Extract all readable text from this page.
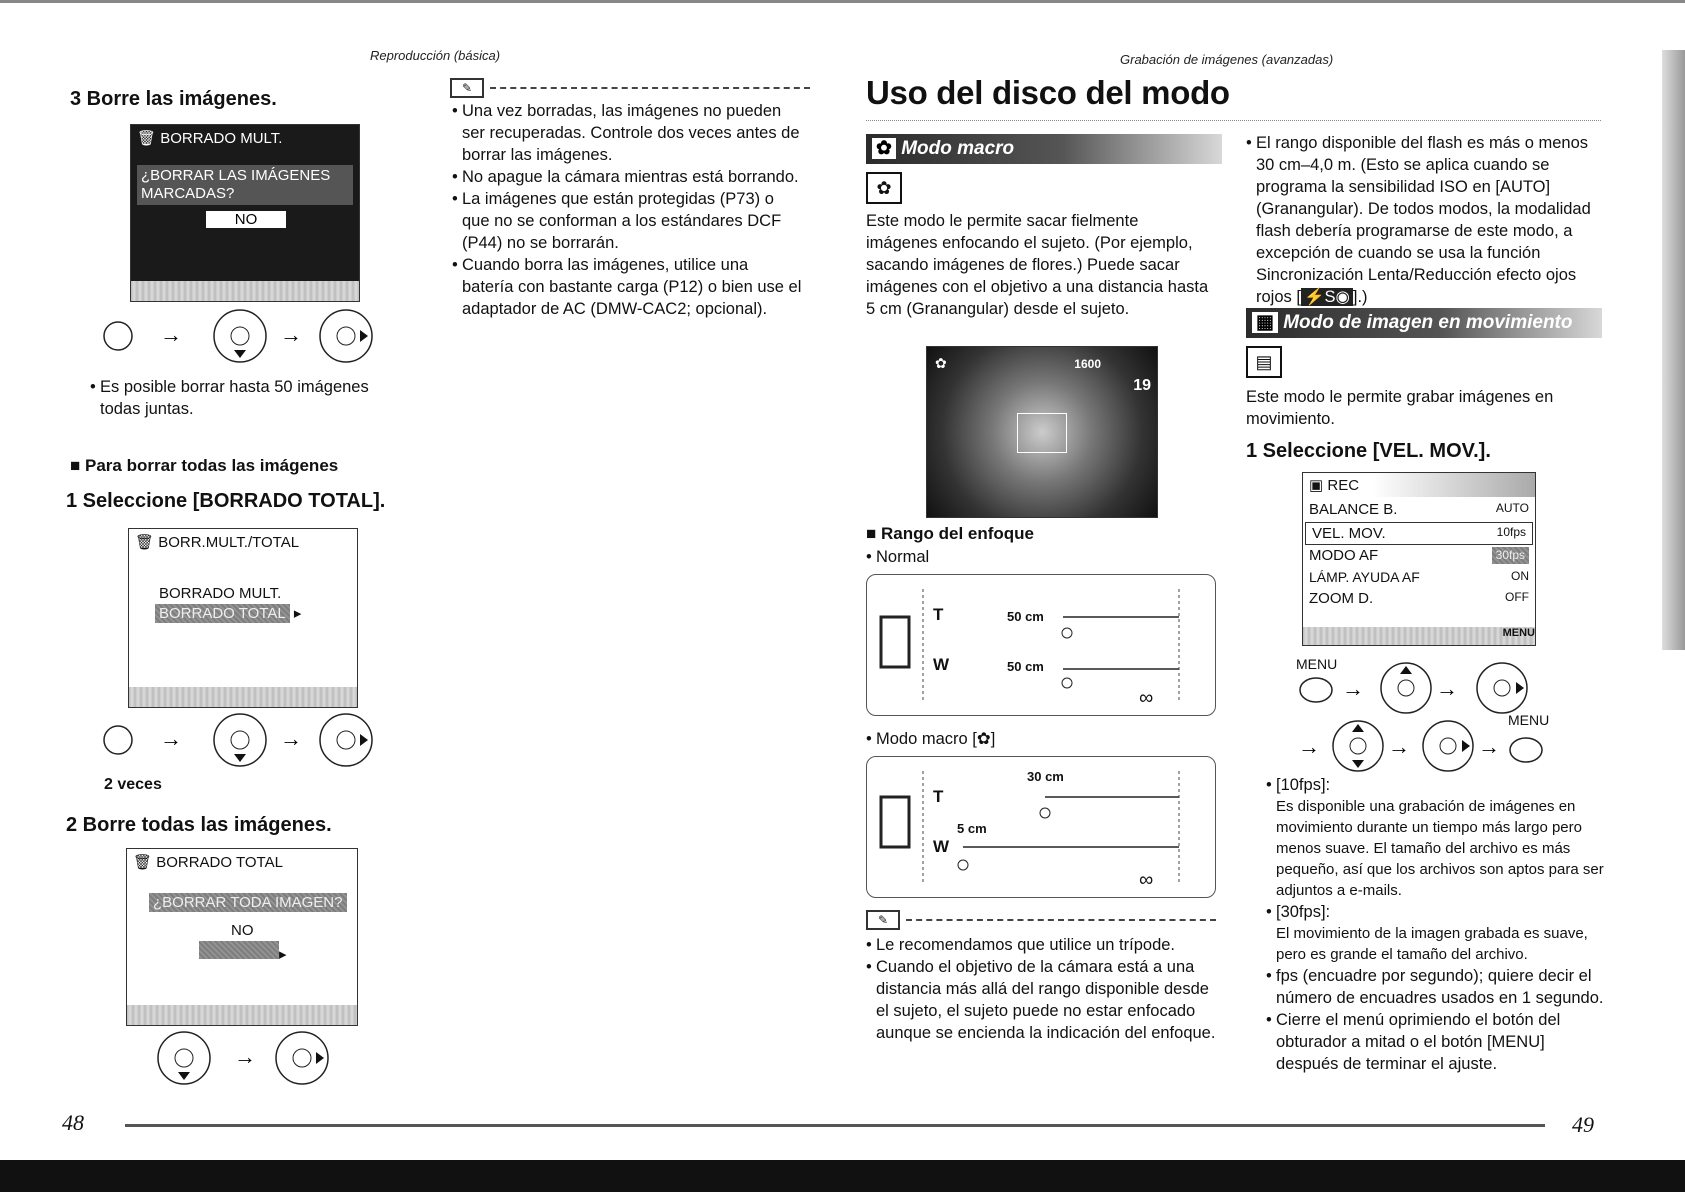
Reproducción (básica)
3 Borre las imágenes.
🗑 BORRADO MULT.
¿BORRAR LAS IMÁGENES
MARCADAS?
NO
→	→
• Es posible borrar hasta 50 imágenes todas juntas.
■ Para borrar todas las imágenes
1 Seleccione [BORRADO TOTAL].
🗑 BORR.MULT./TOTAL
BORRADO MULT.
BORRADO TOTAL ▸
→	→
2 veces
2 Borre todas las imágenes.
🗑 BORRADO TOTAL
¿BORRAR TODA IMAGEN?
NO
▸
→
✎
• Una vez borradas, las imágenes no pueden ser recuperadas. Controle dos veces antes de borrar las imágenes.
• No apague la cámara mientras está borrando.
• La imágenes que están protegidas (P73) o que no se conforman a los estándares DCF (P44) no se borrarán.
• Cuando borra las imágenes, utilice una batería con bastante carga (P12) o bien use el adaptador de AC (DMW-CAC2; opcional).
48
Grabación de imágenes (avanzadas)
Uso del disco del modo
✿ Modo macro
✿
Este modo le permite sacar fielmente imágenes enfocando el sujeto. (Por ejemplo, sacando imágenes de flores.) Puede sacar imágenes con el objetivo a una distancia hasta 5 cm (Granangular) desde el sujeto.
1600
19
✿
■ Rango del enfoque
• Normal
T
W
50 cm
50 cm
∞
• Modo macro [✿]
T
W
30 cm
5 cm
∞
✎
• Le recomendamos que utilice un trípode.
• Cuando el objetivo de la cámara está a una distancia más allá del rango disponible desde el sujeto, el sujeto puede no estar enfocado aunque se encienda la indicación del enfoque.
• El rango disponible del flash es más o menos 30 cm–4,0 m. (Esto se aplica cuando se programa la sensibilidad ISO en [AUTO] (Granangular). De todos modos, la modalidad flash debería programarse de este modo, a excepción de cuando se usa la función Sincronización Lenta/Reducción efecto ojos rojos [ ⚡S◉ ].)
▦ Modo de imagen en movimiento
▤
Este modo le permite grabar imágenes en movimiento.
1 Seleccione [VEL. MOV.].
▣ REC
BALANCE B.	AUTO
VEL. MOV.	10fps
MODO AF	30fps
LÁMP. AYUDA AF	ON
ZOOM D.	OFF
MENU
MENU
→	→
→	→	→
MENU
• [10fps]:
Es disponible una grabación de imágenes en movimiento durante un tiempo más largo pero menos suave. El tamaño del archivo es más pequeño, así que los archivos son aptos para ser adjuntos a e-mails.
• [30fps]:
El movimiento de la imagen grabada es suave, pero es grande el tamaño del archivo.
• fps (encuadre por segundo); quiere decir el número de encuadres usados en 1 segundo.
• Cierre el menú oprimiendo el botón del obturador a mitad o el botón [MENU] después de terminar el ajuste.
49
